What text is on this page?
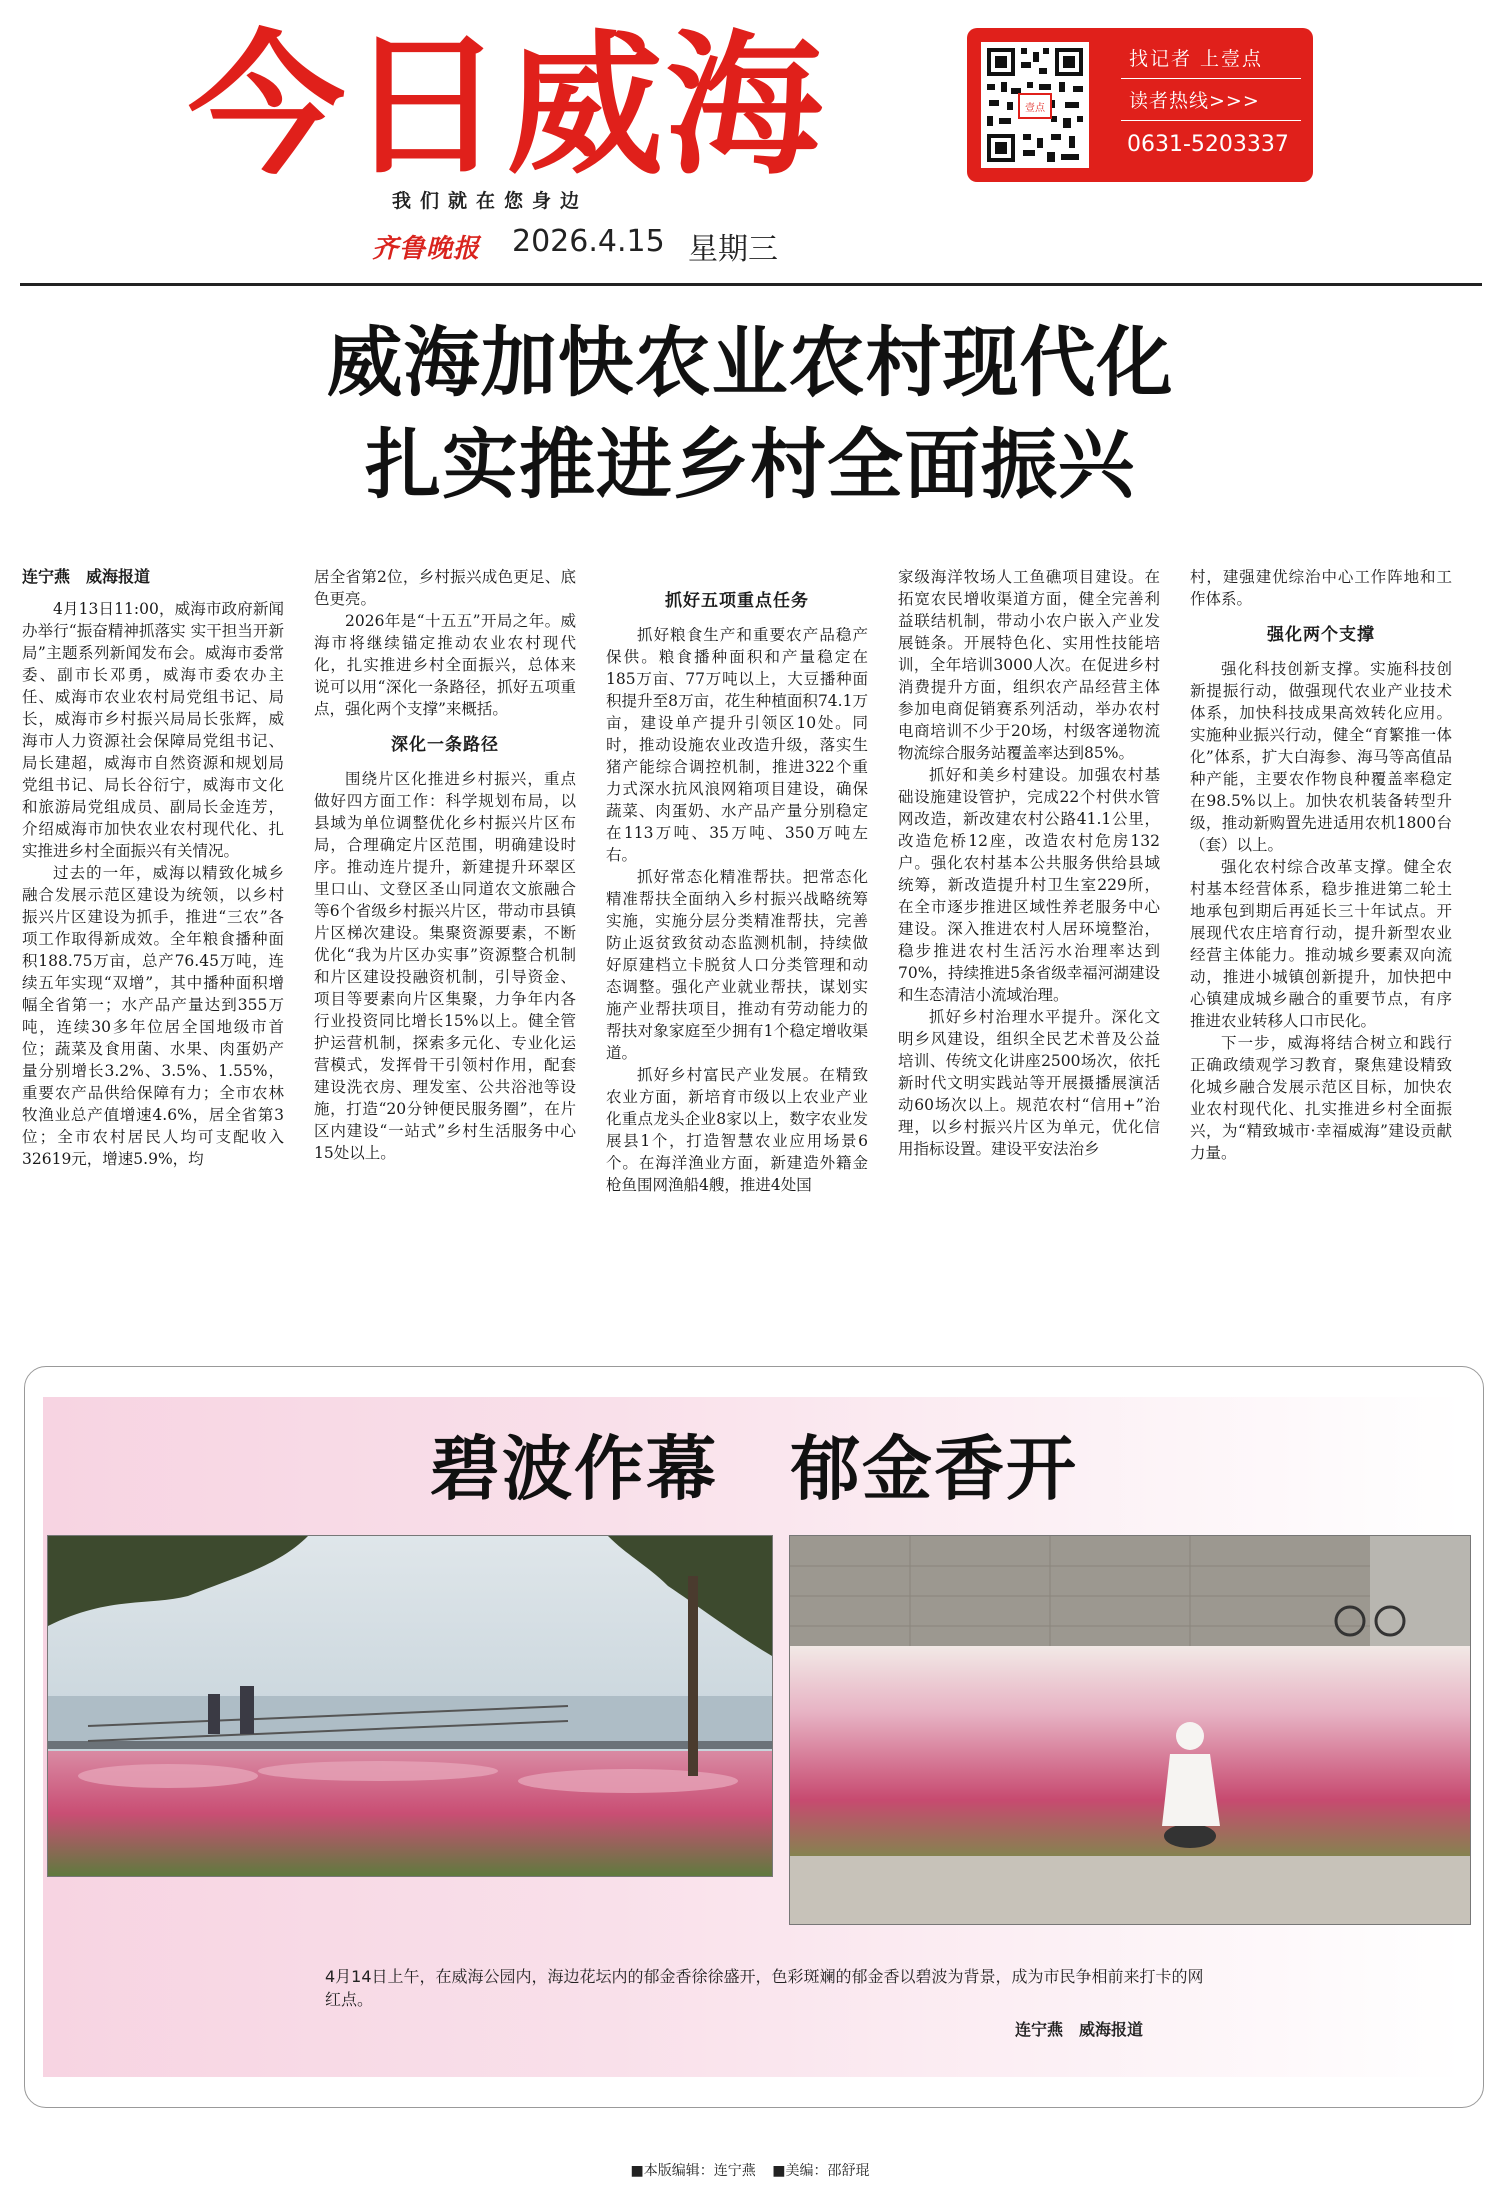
今日威海
我们就在您身边
齐鲁晚报 2026.4.15 星期三
壹点
找记者 上壹点
读者热线>>>
0631-5203337
威海加快农业农村现代化
扎实推进乡村全面振兴

连宁燕　威海报道

4月13日11:00，威海市政府新闻办举行“振奋精神抓落实 实干担当开新局”主题系列新闻发布会。威海市委常委、副市长邓勇，威海市委农办主任、威海市农业农村局党组书记、局长，威海市乡村振兴局局长张辉，威海市人力资源社会保障局党组书记、局长建超，威海市自然资源和规划局党组书记、局长谷衍宁，威海市文化和旅游局党组成员、副局长金连芳，介绍威海市加快农业农村现代化、扎实推进乡村全面振兴有关情况。

过去的一年，威海以精致化城乡融合发展示范区建设为统领，以乡村振兴片区建设为抓手，推进“三农”各项工作取得新成效。全年粮食播种面积188.75万亩，总产76.45万吨，连续五年实现“双增”，其中播种面积增幅全省第一；水产品产量达到355万吨，连续30多年位居全国地级市首位；蔬菜及食用菌、水果、肉蛋奶产量分别增长3.2%、3.5%、1.55%，重要农产品供给保障有力；全市农林牧渔业总产值增速4.6%，居全省第3位；全市农村居民人均可支配收入32619元，增速5.9%，均

居全省第2位，乡村振兴成色更足、底色更亮。

2026年是“十五五”开局之年。威海市将继续锚定推动农业农村现代化，扎实推进乡村全面振兴，总体来说可以用“深化一条路径，抓好五项重点，强化两个支撑”来概括。

深化一条路径

围绕片区化推进乡村振兴，重点做好四方面工作：科学规划布局，以县域为单位调整优化乡村振兴片区布局，合理确定片区范围，明确建设时序。推动连片提升，新建提升环翠区里口山、文登区圣山同道农文旅融合等6个省级乡村振兴片区，带动市县镇片区梯次建设。集聚资源要素，不断优化“我为片区办实事”资源整合机制和片区建设投融资机制，引导资金、项目等要素向片区集聚，力争年内各行业投资同比增长15%以上。健全管护运营机制，探索多元化、专业化运营模式，发挥骨干引领村作用，配套建设洗衣房、理发室、公共浴池等设施，打造“20分钟便民服务圈”，在片区内建设“一站式”乡村生活服务中心15处以上。

抓好五项重点任务

抓好粮食生产和重要农产品稳产保供。粮食播种面积和产量稳定在185万亩、77万吨以上，大豆播种面积提升至8万亩，花生种植面积74.1万亩，建设单产提升引领区10处。同时，推动设施农业改造升级，落实生猪产能综合调控机制，推进322个重力式深水抗风浪网箱项目建设，确保蔬菜、肉蛋奶、水产品产量分别稳定在113万吨、35万吨、350万吨左右。

抓好常态化精准帮扶。把常态化精准帮扶全面纳入乡村振兴战略统筹实施，实施分层分类精准帮扶，完善防止返贫致贫动态监测机制，持续做好原建档立卡脱贫人口分类管理和动态调整。强化产业就业帮扶，谋划实施产业帮扶项目，推动有劳动能力的帮扶对象家庭至少拥有1个稳定增收渠道。

抓好乡村富民产业发展。在精致农业方面，新培育市级以上农业产业化重点龙头企业8家以上，数字农业发展县1个，打造智慧农业应用场景6个。在海洋渔业方面，新建造外籍金枪鱼围网渔船4艘，推进4处国

家级海洋牧场人工鱼礁项目建设。在拓宽农民增收渠道方面，健全完善利益联结机制，带动小农户嵌入产业发展链条。开展特色化、实用性技能培训，全年培训3000人次。在促进乡村消费提升方面，组织农产品经营主体参加电商促销赛系列活动，举办农村电商培训不少于20场，村级客递物流物流综合服务站覆盖率达到85%。

抓好和美乡村建设。加强农村基础设施建设管护，完成22个村供水管网改造，新改建农村公路41.1公里，改造危桥12座，改造农村危房132户。强化农村基本公共服务供给县域统筹，新改造提升村卫生室229所，在全市逐步推进区域性养老服务中心建设。深入推进农村人居环境整治，稳步推进农村生活污水治理率达到70%，持续推进5条省级幸福河湖建设和生态清洁小流域治理。

抓好乡村治理水平提升。深化文明乡风建设，组织全民艺术普及公益培训、传统文化讲座2500场次，依托新时代文明实践站等开展摄播展演活动60场次以上。规范农村“信用+”治理，以乡村振兴片区为单元，优化信用指标设置。建设平安法治乡

村，建强建优综治中心工作阵地和工作体系。

强化两个支撑

强化科技创新支撑。实施科技创新提振行动，做强现代农业产业技术体系，加快科技成果高效转化应用。实施种业振兴行动，健全“育繁推一体化”体系，扩大白海参、海马等高值品种产能，主要农作物良种覆盖率稳定在98.5%以上。加快农机装备转型升级，推动新购置先进适用农机1800台（套）以上。

强化农村综合改革支撑。健全农村基本经营体系，稳步推进第二轮土地承包到期后再延长三十年试点。开展现代农庄培育行动，提升新型农业经营主体能力。推动城乡要素双向流动，推进小城镇创新提升，加快把中心镇建成城乡融合的重要节点，有序推进农业转移人口市民化。

下一步，威海将结合树立和践行正确政绩观学习教育，聚焦建设精致化城乡融合发展示范区目标，加快农业农村现代化、扎实推进乡村全面振兴，为“精致城市·幸福威海”建设贡献力量。

碧波作幕　郁金香开
4月14日上午，在威海公园内，海边花坛内的郁金香徐徐盛开，色彩斑斓的郁金香以碧波为背景，成为市民争相前来打卡的网红点。
连宁燕　威海报道
■本版编辑：连宁燕 ■美编：邵舒琨
